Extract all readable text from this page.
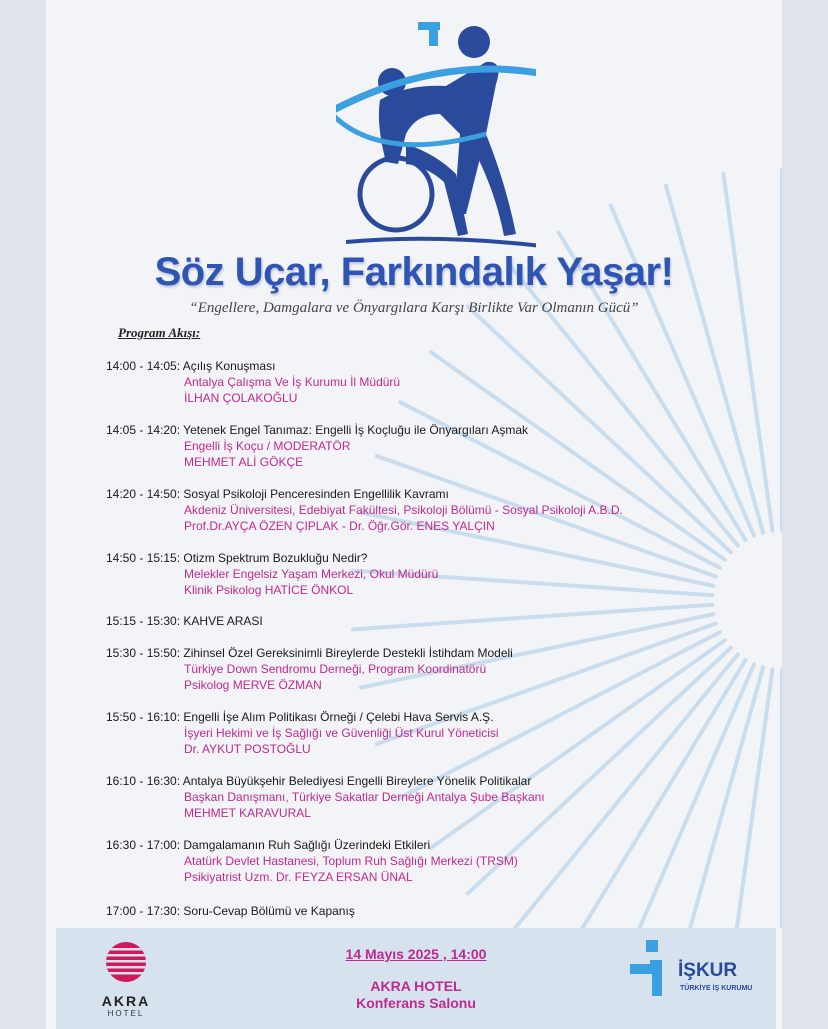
Söz Uçar, Farkındalık Yaşar!
“Engellere, Damgalara ve Önyargılara Karşı Birlikte Var Olmanın Gücü”
Program Akışı:
14:00 - 14:05: Açılış Konuşması
Antalya Çalışma Ve İş Kurumu İl Müdürü
İLHAN ÇOLAKOĞLU
14:05 - 14:20: Yetenek Engel Tanımaz: Engelli İş Koçluğu ile Önyargıları Aşmak
Engelli İş Koçu / MODERATÖR
MEHMET ALİ GÖKÇE
14:20 - 14:50: Sosyal Psikoloji Penceresinden Engellilik Kavramı
Akdeniz Üniversitesi, Edebiyat Fakültesi, Psikoloji Bölümü - Sosyal Psikoloji A.B.D.
Prof.Dr.AYÇA ÖZEN ÇIPLAK - Dr. Öğr.Gör. ENES YALÇIN
14:50 - 15:15: Otizm Spektrum Bozukluğu Nedir?
Melekler Engelsiz Yaşam Merkezi, Okul Müdürü
Klinik Psikolog HATİCE ÖNKOL
15:15 - 15:30: KAHVE ARASI
15:30 - 15:50: Zihinsel Özel Gereksinimli Bireylerde Destekli İstihdam Modeli
Türkiye Down Sendromu Derneği, Program Koordinatörü
Psikolog MERVE ÖZMAN
15:50 - 16:10: Engelli İşe Alım Politikası Örneği / Çelebi Hava Servis A.Ş.
İşyeri Hekimi ve İş Sağlığı ve Güvenliği Üst Kurul Yöneticisi
Dr. AYKUT POSTOĞLU
16:10 - 16:30: Antalya Büyükşehir Belediyesi Engelli Bireylere Yönelik Politikalar
Başkan Danışmanı, Türkiye Sakatlar Derneği Antalya Şube Başkanı
MEHMET KARAVURAL
16:30 - 17:00: Damgalamanın Ruh Sağlığı Üzerindeki Etkileri
Atatürk Devlet Hastanesi, Toplum Ruh Sağlığı Merkezi (TRSM)
Psikiyatrist Uzm. Dr. FEYZA ERSAN ÜNAL
17:00 - 17:30: Soru-Cevap Bölümü ve Kapanış
AKRA
HOTEL
14 Mayıs 2025 , 14:00
AKRA HOTEL
Konferans Salonu
İŞKUR
TÜRKİYE İŞ KURUMU
